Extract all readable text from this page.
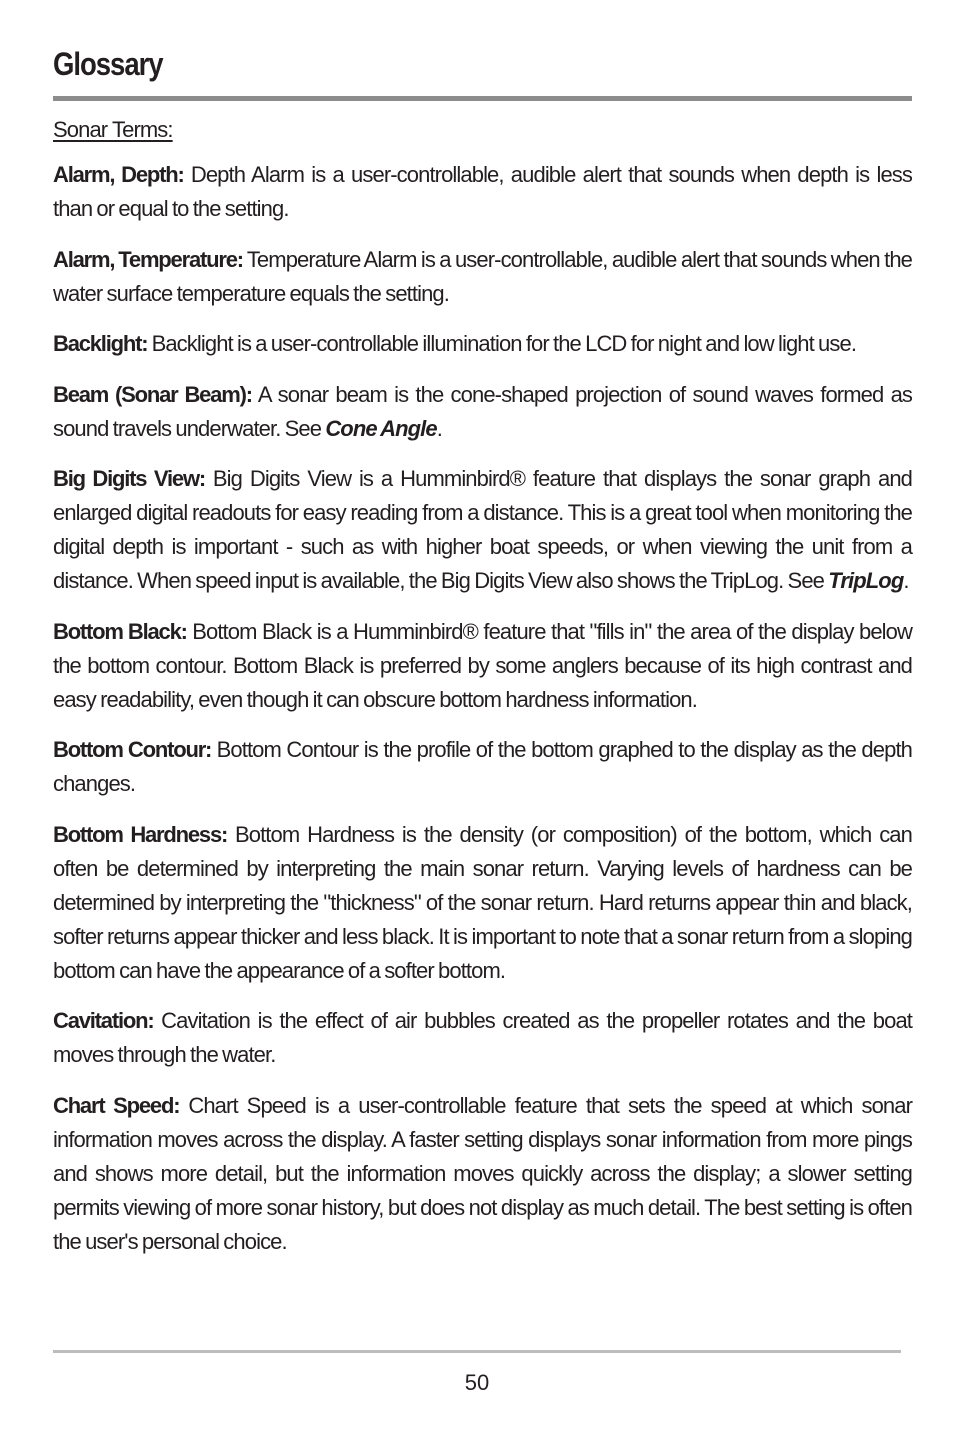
Glossary

Sonar Terms:

Alarm, Depth: Depth Alarm is a user-controllable, audible alert that sounds when depth is less than or equal to the setting.

Alarm, Temperature: Temperature Alarm is a user-controllable, audible alert that sounds when the water surface temperature equals the setting.

Backlight: Backlight is a user-controllable illumination for the LCD for night and low light use.

Beam (Sonar Beam): A sonar beam is the cone-shaped projection of sound waves formed as sound travels underwater. See Cone Angle.

Big Digits View: Big Digits View is a Humminbird® feature that displays the sonar graph and enlarged digital readouts for easy reading from a distance. This is a great tool when monitoring the digital depth is important - such as with higher boat speeds, or when viewing the unit from a distance. When speed input is available, the Big Digits View also shows the TripLog. See TripLog.

Bottom Black: Bottom Black is a Humminbird® feature that "fills in" the area of the display below the bottom contour. Bottom Black is preferred by some anglers because of its high contrast and easy readability, even though it can obscure bottom hardness information.

Bottom Contour: Bottom Contour is the profile of the bottom graphed to the display as the depth changes.

Bottom Hardness: Bottom Hardness is the density (or composition) of the bottom, which can often be determined by interpreting the main sonar return. Varying levels of hardness can be determined by interpreting the "thickness" of the sonar return. Hard returns appear thin and black, softer returns appear thicker and less black. It is important to note that a sonar return from a sloping bottom can have the appearance of a softer bottom.

Cavitation: Cavitation is the effect of air bubbles created as the propeller rotates and the boat moves through the water.

Chart Speed: Chart Speed is a user-controllable feature that sets the speed at which sonar information moves across the display. A faster setting displays sonar information from more pings and shows more detail, but the information moves quickly across the display; a slower setting permits viewing of more sonar history, but does not display as much detail. The best setting is often the user's personal choice.

50
